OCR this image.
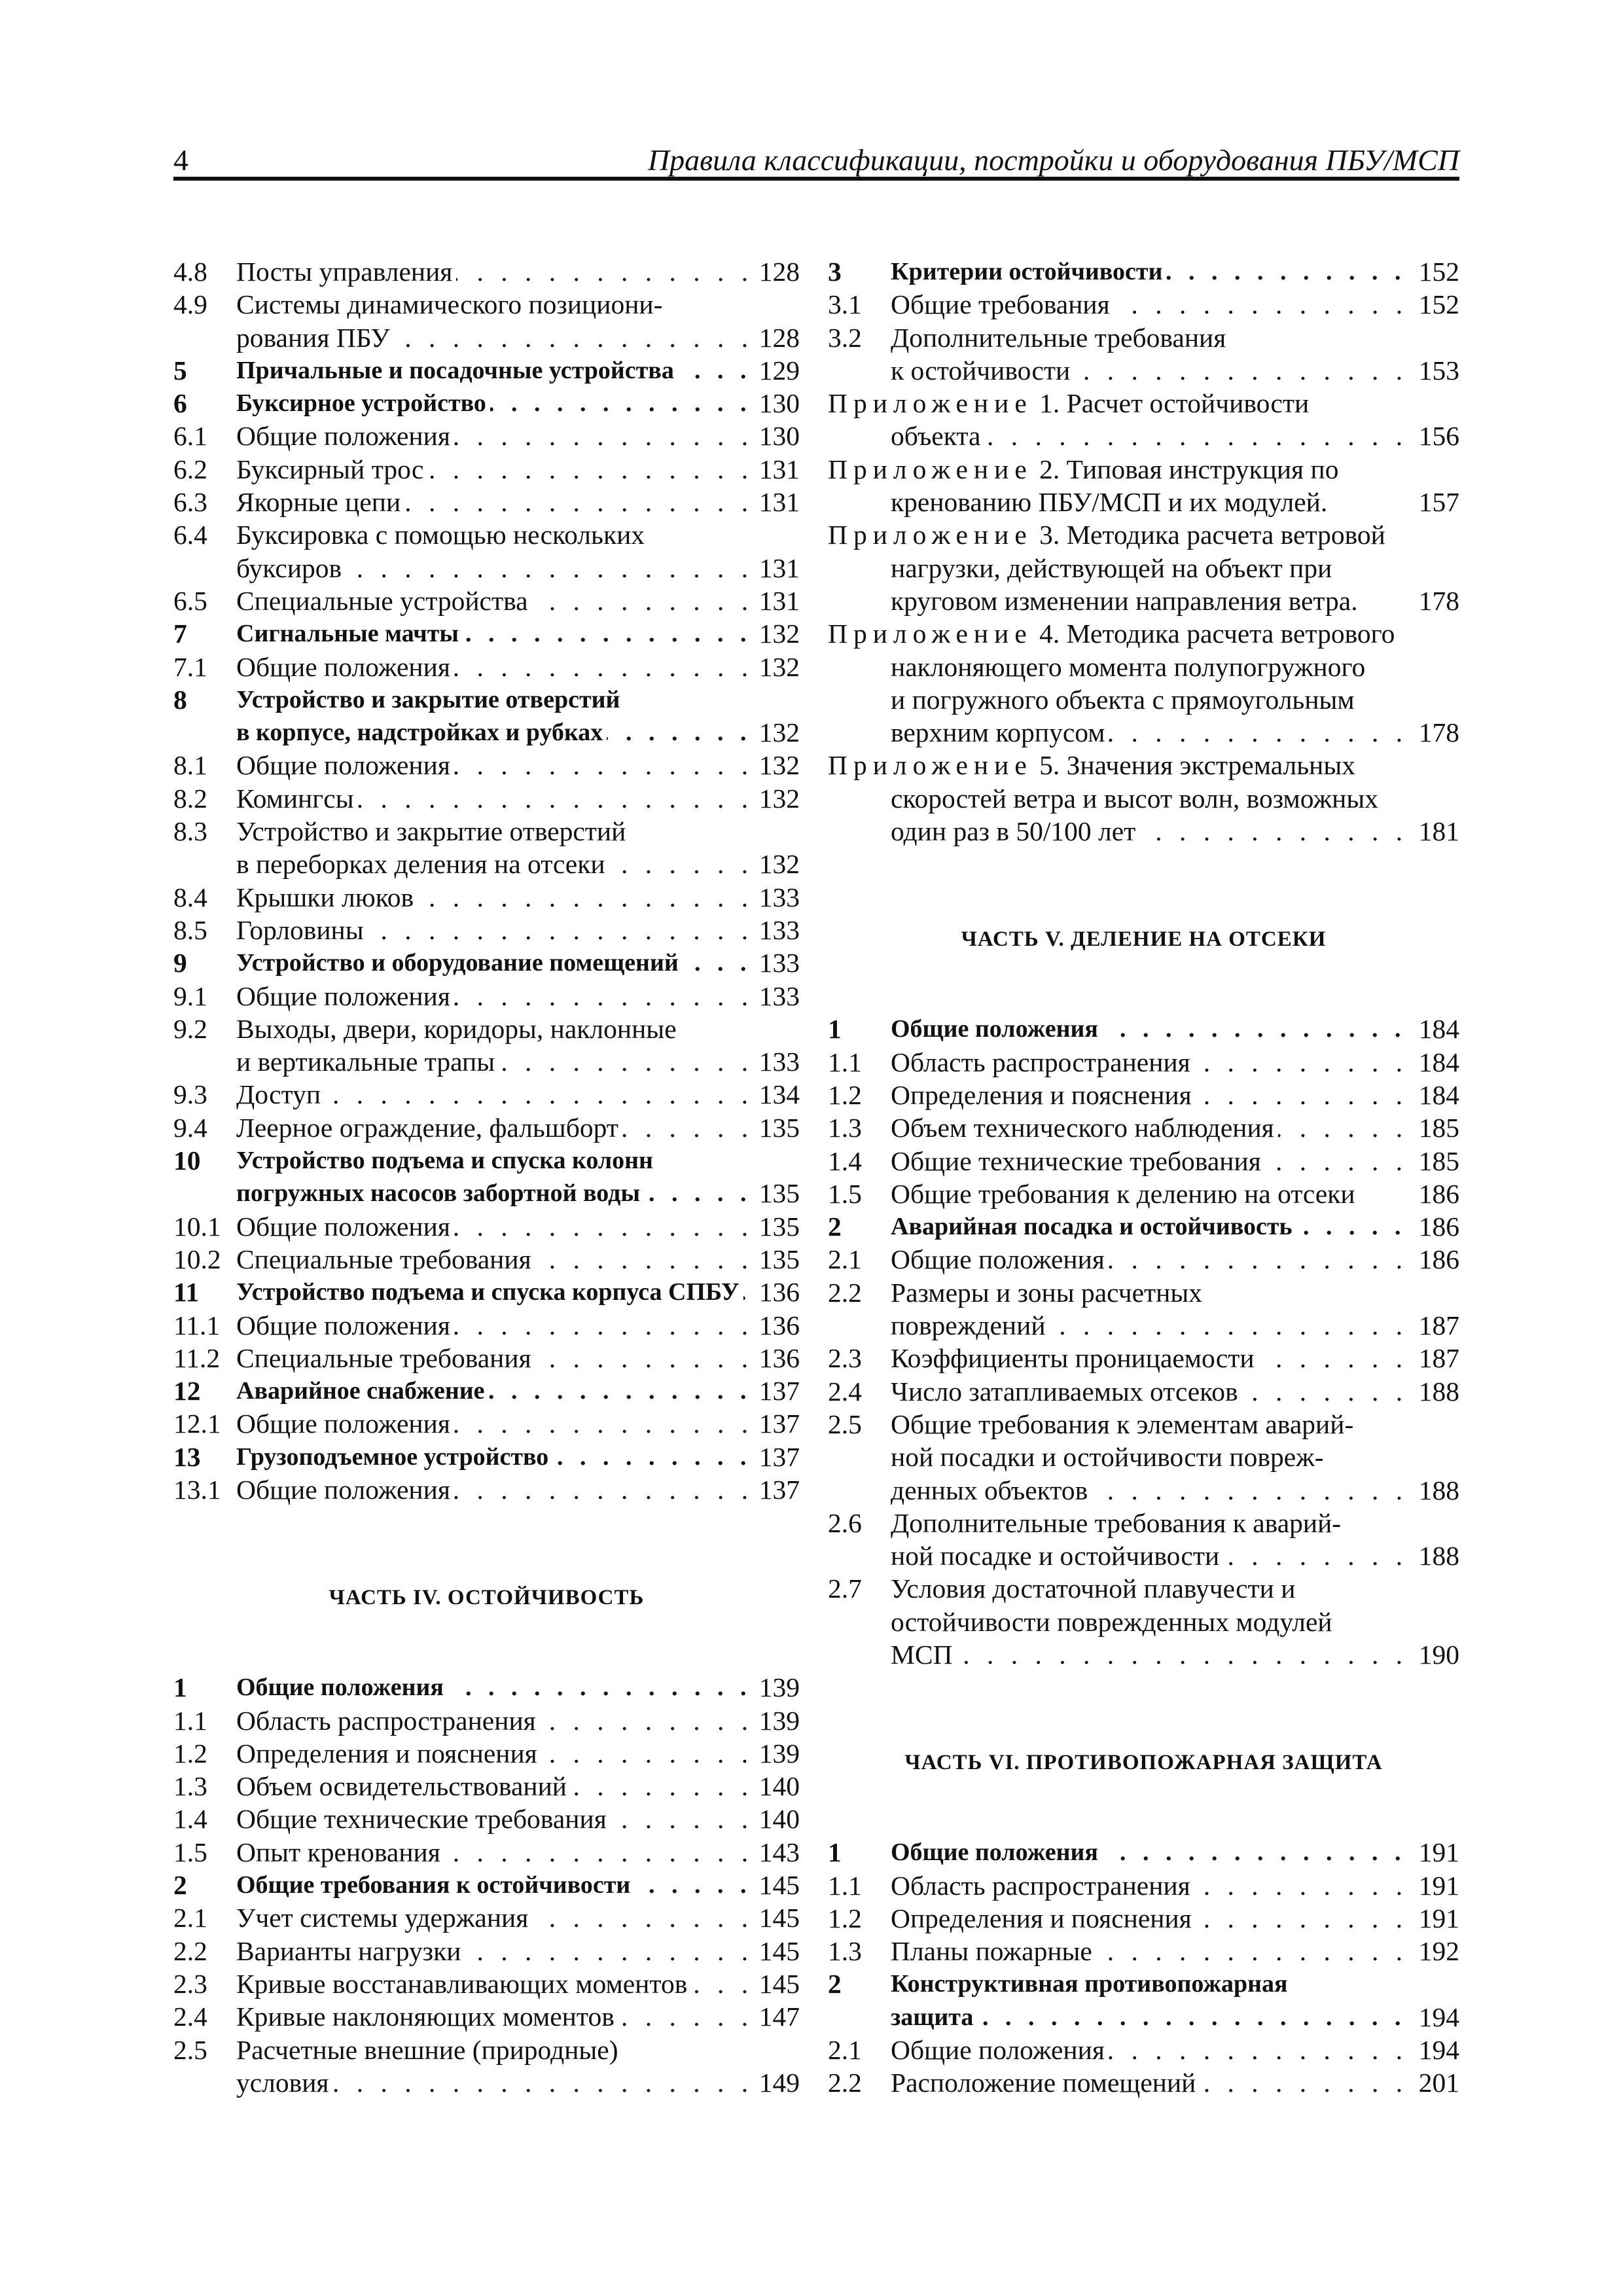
4	Правила классификации, постройки и оборудования ПБУ/МСП
4.8 . . . Посты управления	128
4.9 Системы динамического позициони-
. . .
рования ПБУ	128
5 . . . Причальные и посадочные устройства	129
6 . . . Буксирное устройство	130
6.1 . . . Общие положения	130
6.2 . . . Буксирный трос	131
6.3 . . . Якорные цепи	131
6.4 Буксировка с помощью нескольких
. . .
буксиров	131
6.5 . . . Специальные устройства	131
7 . . . Сигнальные мачты	132
7.1 . . . Общие положения	132
8 Устройство и закрытие отверстий
. . .
в корпусе, надстройках и рубках	132
8.1 . . . Общие положения	132
8.2 . . . Комингсы	132
8.3 Устройство и закрытие отверстий
. . .
в переборках деления на отсеки	132
8.4 . . . Крышки люков	133
8.5 . . . Горловины	133
9 . . . Устройство и оборудование помещений	133
9.1 . . . Общие положения	133
9.2 Выходы, двери, коридоры, наклонные
. . .
и вертикальные трапы	133
9.3 . . . Доступ	134
9.4 . . . Леерное ограждение, фальшборт	135
10 Устройство подъема и спуска колонн
. . .
погружных насосов забортной воды	135
10.1 . . . Общие положения	135
10.2 . . . Специальные требования	135
11 . . . Устройство подъема и спуска корпуса СПБУ 136
11.1 . . . Общие положения	136
11.2 . . . Специальные требования	136
12 . . . Аварийное снабжение	137
12.1 . . . Общие положения	137
13 . . . Грузоподъемное устройство	137
13.1 . . . Общие положения	137
ЧАСТЬ IV. ОСТОЙЧИВОСТЬ
1 . . . Общие положения	139
1.1 . . . Область распространения	139
1.2 . . . Определения и пояснения	139
1.3 . . . Объем освидетельствований	140
1.4 . . . Общие технические требования	140
1.5 . . . Опыт кренования	143
2 . . . Общие требования к остойчивости	145
2.1 . . . Учет системы удержания	145
2.2 . . . Варианты нагрузки	145
2.3 . . . Кривые восстанавливающих моментов	145
2.4 . . . Кривые наклоняющих моментов	147
2.5 Расчетные внешние (природные)
. . .
условия	149
3 . . . Критерии остойчивости	152
3.1 . . . Общие требования	152
3.2 Дополнительные требования
. . .
к остойчивости	153
Приложение 1. Расчет остойчивости
. . .
объекта	156
Приложение 2. Типовая инструкция по
кренованию ПБУ/МСП и их модулей.	157
Приложение 3. Методика расчета ветровой
нагрузки, действующей на объект при
круговом изменении направления ветра.	178
Приложение 4. Методика расчета ветрового
наклоняющего момента полупогружного
и погружного объекта с прямоугольным
. . .
верхним корпусом	178
Приложение 5. Значения экстремальных
скоростей ветра и высот волн, возможных
. . .
один раз в 50/100 лет	181
ЧАСТЬ V. ДЕЛЕНИЕ НА ОТСЕКИ
1 . . . Общие положения	184
1.1 . . . Область распространения	184
1.2 . . . Определения и пояснения	184
1.3 . . . Объем технического наблюдения	185
1.4 . . . Общие технические требования	185
1.5 Общие требования к делению на отсеки	186
2 . . . Аварийная посадка и остойчивость	186
2.1 . . . Общие положения	186
2.2 Размеры и зоны расчетных
. . .
повреждений	187
2.3 . . . Коэффициенты проницаемости	187
2.4 . . . Число затапливаемых отсеков	188
2.5 Общие требования к элементам аварий-
ной посадки и остойчивости повреж-
. . .
денных объектов	188
2.6 Дополнительные требования к аварий-
. . .
ной посадке и остойчивости	188
2.7 Условия достаточной плавучести и
остойчивости поврежденных модулей
. . .
МСП	190
ЧАСТЬ VI. ПРОТИВОПОЖАРНАЯ ЗАЩИТА
1 . . . Общие положения	191
1.1 . . . Область распространения	191
1.2 . . . Определения и пояснения	191
1.3 . . . Планы пожарные	192
2 Конструктивная противопожарная
. . .
защита	194
2.1 . . . Общие положения	194
2.2 . . . Расположение помещений	201
